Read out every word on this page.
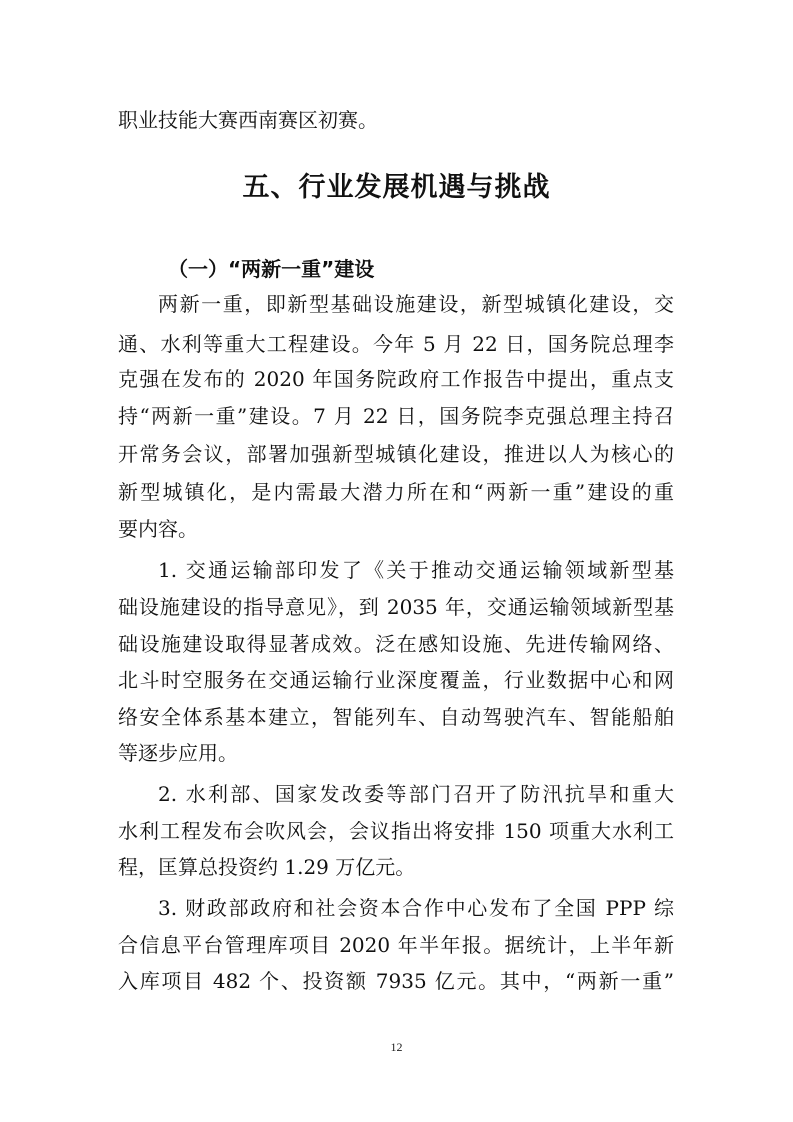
职业技能大赛西南赛区初赛。
五、行业发展机遇与挑战
（一）“两新一重”建设
两新一重，即新型基础设施建设，新型城镇化建设，交
通、水利等重大工程建设。今年 5 月 22 日，国务院总理李
克强在发布的 2020 年国务院政府工作报告中提出，重点支
持“两新一重”建设。7 月 22 日，国务院李克强总理主持召
开常务会议，部署加强新型城镇化建设，推进以人为核心的
新型城镇化，是内需最大潜力所在和“两新一重”建设的重
要内容。
1. 交通运输部印发了《关于推动交通运输领域新型基
础设施建设的指导意见》，到 2035 年，交通运输领域新型基
础设施建设取得显著成效。泛在感知设施、先进传输网络、
北斗时空服务在交通运输行业深度覆盖，行业数据中心和网
络安全体系基本建立，智能列车、自动驾驶汽车、智能船舶
等逐步应用。
2. 水利部、国家发改委等部门召开了防汛抗旱和重大
水利工程发布会吹风会，会议指出将安排 150 项重大水利工
程，匡算总投资约 1.29 万亿元。
3. 财政部政府和社会资本合作中心发布了全国 PPP 综
合信息平台管理库项目 2020 年半年报。据统计，上半年新
入库项目 482 个、投资额 7935 亿元。其中，“两新一重”
12
